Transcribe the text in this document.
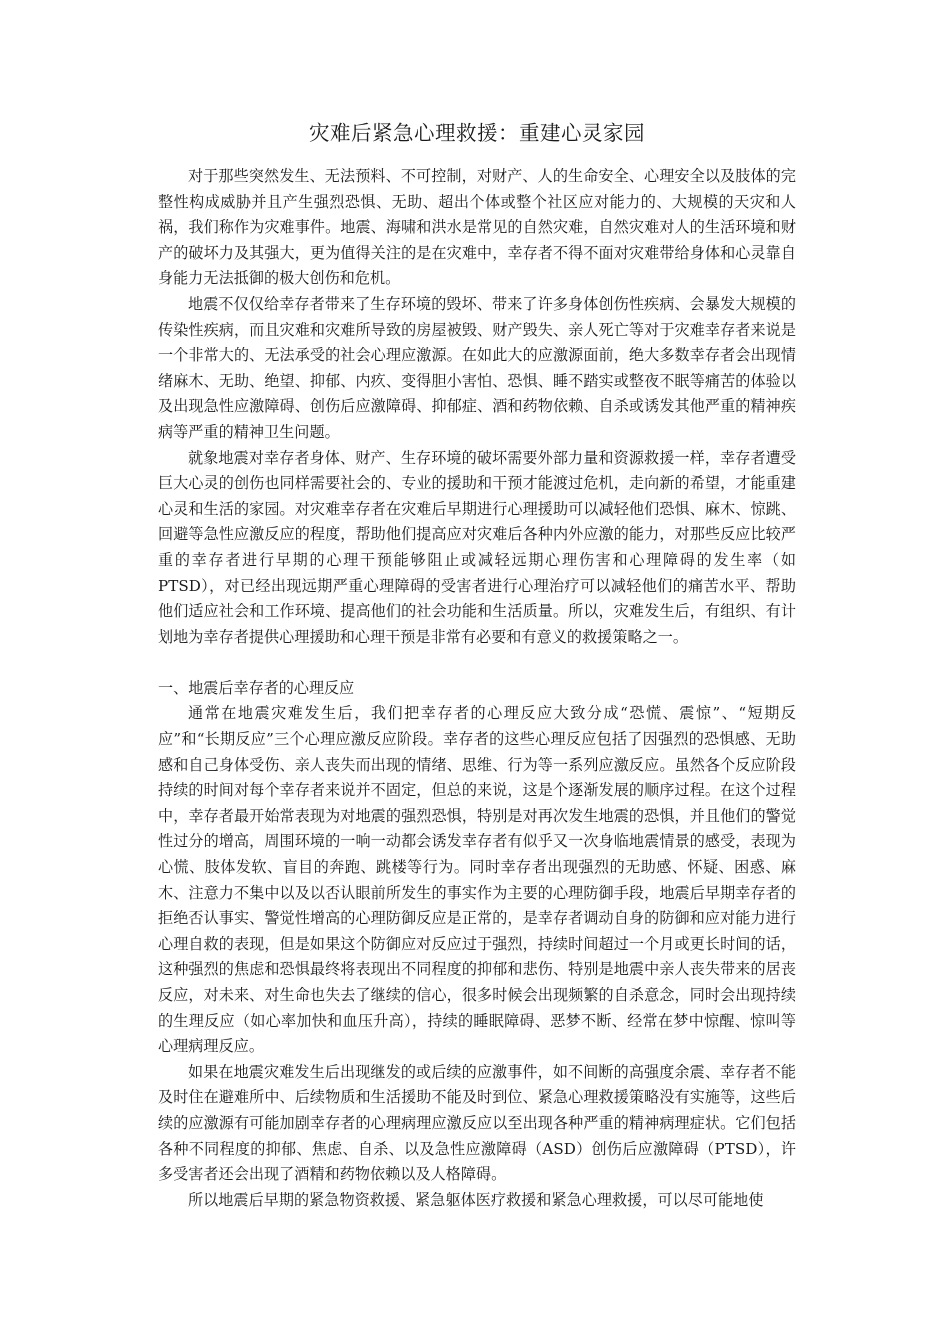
灾难后紧急心理救援：重建心灵家园

对于那些突然发生、无法预料、不可控制，对财产、人的生命安全、心理安全以及肢体的完整性构成威胁并且产生强烈恐惧、无助、超出个体或整个社区应对能力的、大规模的天灾和人祸，我们称作为灾难事件。地震、海啸和洪水是常见的自然灾难，自然灾难对人的生活环境和财产的破坏力及其强大，更为值得关注的是在灾难中，幸存者不得不面对灾难带给身体和心灵靠自身能力无法抵御的极大创伤和危机。

地震不仅仅给幸存者带来了生存环境的毁坏、带来了许多身体创伤性疾病、会暴发大规模的传染性疾病，而且灾难和灾难所导致的房屋被毁、财产毁失、亲人死亡等对于灾难幸存者来说是一个非常大的、无法承受的社会心理应激源。在如此大的应激源面前，绝大多数幸存者会出现情绪麻木、无助、绝望、抑郁、内疚、变得胆小害怕、恐惧、睡不踏实或整夜不眠等痛苦的体验以及出现急性应激障碍、创伤后应激障碍、抑郁症、酒和药物依赖、自杀或诱发其他严重的精神疾病等严重的精神卫生问题。

就象地震对幸存者身体、财产、生存环境的破坏需要外部力量和资源救援一样，幸存者遭受巨大心灵的创伤也同样需要社会的、专业的援助和干预才能渡过危机，走向新的希望，才能重建心灵和生活的家园。对灾难幸存者在灾难后早期进行心理援助可以减轻他们恐惧、麻木、惊跳、回避等急性应激反应的程度，帮助他们提高应对灾难后各种内外应激的能力，对那些反应比较严重的幸存者进行早期的心理干预能够阻止或减轻远期心理伤害和心理障碍的发生率（如PTSD），对已经出现远期严重心理障碍的受害者进行心理治疗可以减轻他们的痛苦水平、帮助他们适应社会和工作环境、提高他们的社会功能和生活质量。所以，灾难发生后，有组织、有计划地为幸存者提供心理援助和心理干预是非常有必要和有意义的救援策略之一。

一、地震后幸存者的心理反应

通常在地震灾难发生后，我们把幸存者的心理反应大致分成“恐慌、震惊”、“短期反应”和“长期反应”三个心理应激反应阶段。幸存者的这些心理反应包括了因强烈的恐惧感、无助感和自己身体受伤、亲人丧失而出现的情绪、思维、行为等一系列应激反应。虽然各个反应阶段持续的时间对每个幸存者来说并不固定，但总的来说，这是个逐渐发展的顺序过程。在这个过程中，幸存者最开始常表现为对地震的强烈恐惧，特别是对再次发生地震的恐惧，并且他们的警觉性过分的增高，周围环境的一响一动都会诱发幸存者有似乎又一次身临地震情景的感受，表现为心慌、肢体发软、盲目的奔跑、跳楼等行为。同时幸存者出现强烈的无助感、怀疑、困惑、麻木、注意力不集中以及以否认眼前所发生的事实作为主要的心理防御手段，地震后早期幸存者的拒绝否认事实、警觉性增高的心理防御反应是正常的，是幸存者调动自身的防御和应对能力进行心理自救的表现，但是如果这个防御应对反应过于强烈，持续时间超过一个月或更长时间的话，这种强烈的焦虑和恐惧最终将表现出不同程度的抑郁和悲伤、特别是地震中亲人丧失带来的居丧反应，对未来、对生命也失去了继续的信心，很多时候会出现频繁的自杀意念，同时会出现持续的生理反应（如心率加快和血压升高），持续的睡眠障碍、恶梦不断、经常在梦中惊醒、惊叫等心理病理反应。

如果在地震灾难发生后出现继发的或后续的应激事件，如不间断的高强度余震、幸存者不能及时住在避难所中、后续物质和生活援助不能及时到位、紧急心理救援策略没有实施等，这些后续的应激源有可能加剧幸存者的心理病理应激反应以至出现各种严重的精神病理症状。它们包括各种不同程度的抑郁、焦虑、自杀、以及急性应激障碍（ASD）创伤后应激障碍（PTSD），许多受害者还会出现了酒精和药物依赖以及人格障碍。

所以地震后早期的紧急物资救援、紧急躯体医疗救援和紧急心理救援，可以尽可能地使
